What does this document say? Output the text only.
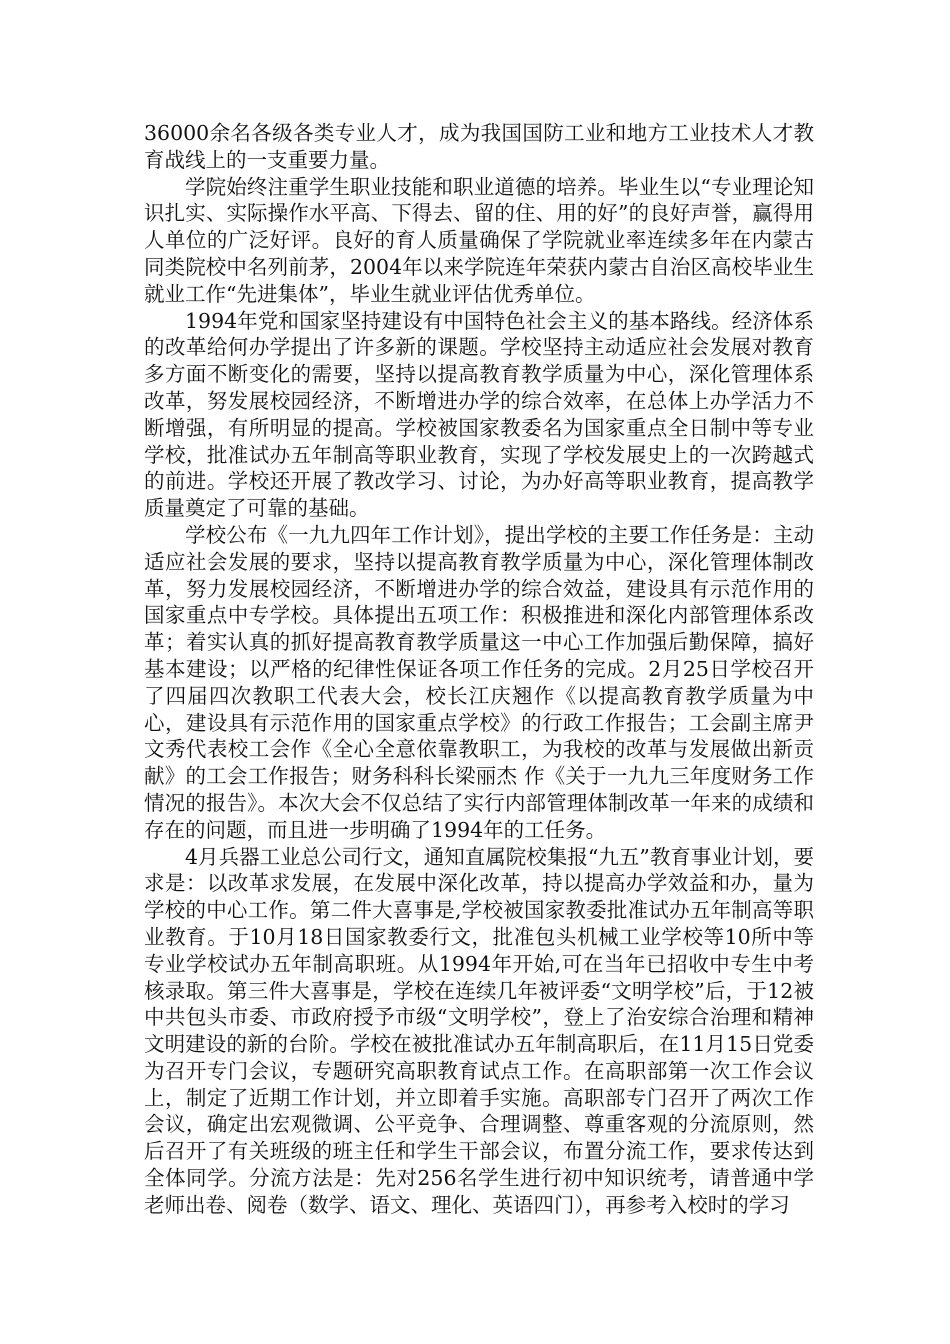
36000余名各级各类专业人才，成为我国国防工业和地方工业技术人才教育战线上的一支重要力量。

学院始终注重学生职业技能和职业道德的培养。毕业生以“专业理论知识扎实、实际操作水平高、下得去、留的住、用的好”的良好声誉，赢得用人单位的广泛好评。良好的育人质量确保了学院就业率连续多年在内蒙古同类院校中名列前茅，2004年以来学院连年荣获内蒙古自治区高校毕业生就业工作“先进集体”，毕业生就业评估优秀单位。

1994年党和国家坚持建设有中国特色社会主义的基本路线。经济体系的改革给何办学提出了许多新的课题。学校坚持主动适应社会发展对教育多方面不断变化的需要，坚持以提高教育教学质量为中心，深化管理体系改革，努发展校园经济，不断增进办学的综合效率，在总体上办学活力不断增强，有所明显的提高。学校被国家教委名为国家重点全日制中等专业学校，批准试办五年制高等职业教育，实现了学校发展史上的一次跨越式的前进。学校还开展了教改学习、讨论，为办好高等职业教育，提高教学质量奠定了可靠的基础。

学校公布《一九九四年工作计划》，提出学校的主要工作任务是：主动适应社会发展的要求，坚持以提高教育教学质量为中心，深化管理体制改革，努力发展校园经济，不断增进办学的综合效益，建设具有示范作用的国家重点中专学校。具体提出五项工作：积极推进和深化内部管理体系改革；着实认真的抓好提高教育教学质量这一中心工作加强后勤保障，搞好基本建设；以严格的纪律性保证各项工作任务的完成。2月25日学校召开了四届四次教职工代表大会，校长江庆翘作《以提高教育教学质量为中心，建设具有示范作用的国家重点学校》的行政工作报告；工会副主席尹文秀代表校工会作《全心全意依靠教职工，为我校的改革与发展做出新贡献》的工会工作报告；财务科科长梁丽杰 作《关于一九九三年度财务工作情况的报告》。本次大会不仅总结了实行内部管理体制改革一年来的成绩和存在的问题，而且进一步明确了1994年的工任务。

4月兵器工业总公司行文，通知直属院校集报“九五”教育事业计划，要求是：以改革求发展，在发展中深化改革，持以提高办学效益和办，量为学校的中心工作。第二件大喜事是,学校被国家教委批准试办五年制高等职业教育。于10月18日国家教委行文，批准包头机械工业学校等10所中等专业学校试办五年制高职班。从1994年开始,可在当年已招收中专生中考核录取。第三件大喜事是，学校在连续几年被评委“文明学校”后，于12被中共包头市委、市政府授予市级“文明学校”，登上了治安综合治理和精神文明建设的新的台阶。学校在被批准试办五年制高职后，在11月15日党委为召开专门会议，专题研究高职教育试点工作。在高职部第一次工作会议上，制定了近期工作计划，并立即着手实施。高职部专门召开了两次工作会议，确定出宏观微调、公平竞争、合理调整、尊重客观的分流原则，然后召开了有关班级的班主任和学生干部会议，布置分流工作，要求传达到全体同学。分流方法是：先对256名学生进行初中知识统考，请普通中学老师出卷、阅卷（数学、语文、理化、英语四门），再参考入校时的学习
